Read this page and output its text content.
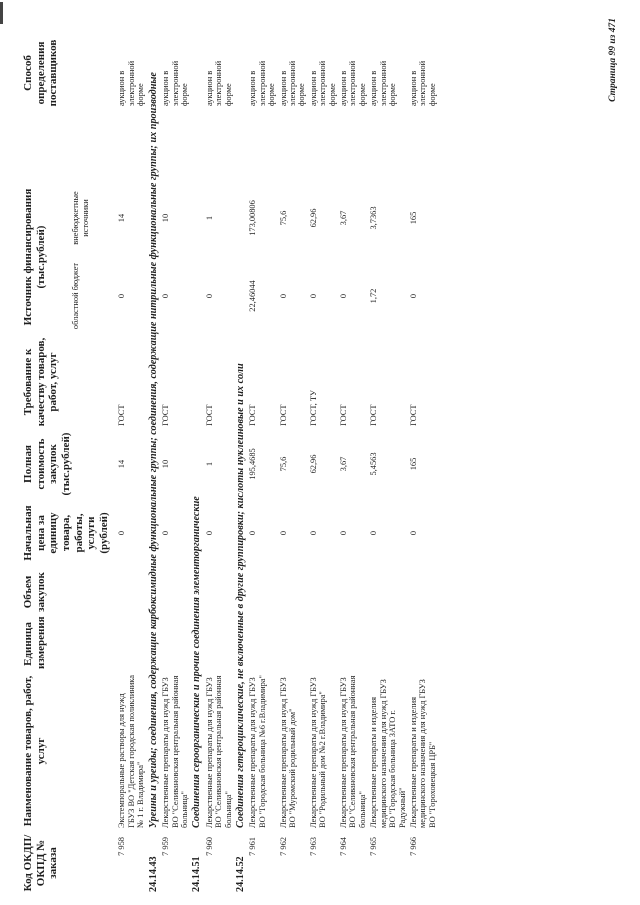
Код ОКДП/ ОКПД № заказа
Наименование товаров, работ, услуг
Единица измерения
Объем закупок
Начальная цена за единицу товара, работы, услуги (рублей)
Полная стоимость закупок (тыс.рублей)
Требование к качеству товаров, работ, услуг
Источник финансирования (тыс.рублей)
Способ определения поставщиков
областной бюджет
внебюджетные источники
7 958
Экстемпоральные растворы для нужд ГБУЗ ВО "Детская городская поликлиника № 1 г. Владимира"
0
14
ГОСТ
0
14
аукцион в электронной форме
24.14.43
Уреины и уреиды; соединения, содержащие карбоксимидные функциональные группы; соединения, содержащие нитрильные функциональные группы; их производные
7 959
Лекарственные препараты для нужд ГБУЗ ВО "Селивановская центральная районная больница"
0
10
ГОСТ
0
10
аукцион в электронной форме
24.14.51
Соединения сероорганические и прочие соединения элементорганические
7 960
Лекарственные препараты для нужд ГБУЗ ВО "Селивановская центральная районная больница"
0
1
ГОСТ
0
1
аукцион в электронной форме
24.14.52
Соединения гетероциклические, не включенные в другие группировки; кислоты нуклеиновые и их соли
7 961
Лекарственные препараты для нужд ГБУЗ ВО "Городская больница №6 г.Владимира"
0
195,4685
ГОСТ
22,46044
173,00806
аукцион в электронной форме
7 962
Лекарственные препараты для нужд ГБУЗ ВО "Муромский родильный дом"
0
75,6
ГОСТ
0
75,6
аукцион в электронной форме
7 963
Лекарственные препараты для нужд ГБУЗ ВО "Родильный дом №2 г.Владимира"
0
62,96
ГОСТ, ТУ
0
62,96
аукцион в электронной форме
7 964
Лекарственные препараты для нужд ГБУЗ ВО "Селивановская центральная районная больница"
0
3,67
ГОСТ
0
3,67
аукцион в электронной форме
7 965
Лекарственные препараты и изделия медицинского назначения для нужд ГБУЗ ВО "Городская больница ЗАТО г. Радужный"
0
5,4563
ГОСТ
1,72
3,7363
аукцион в электронной форме
7 966
Лекарственные препараты и изделия медицинского назначения для нужд ГБУЗ ВО "Гороховецкая ЦРБ"
0
165
ГОСТ
0
165
аукцион в электронной форме	Страница 99 из 471
